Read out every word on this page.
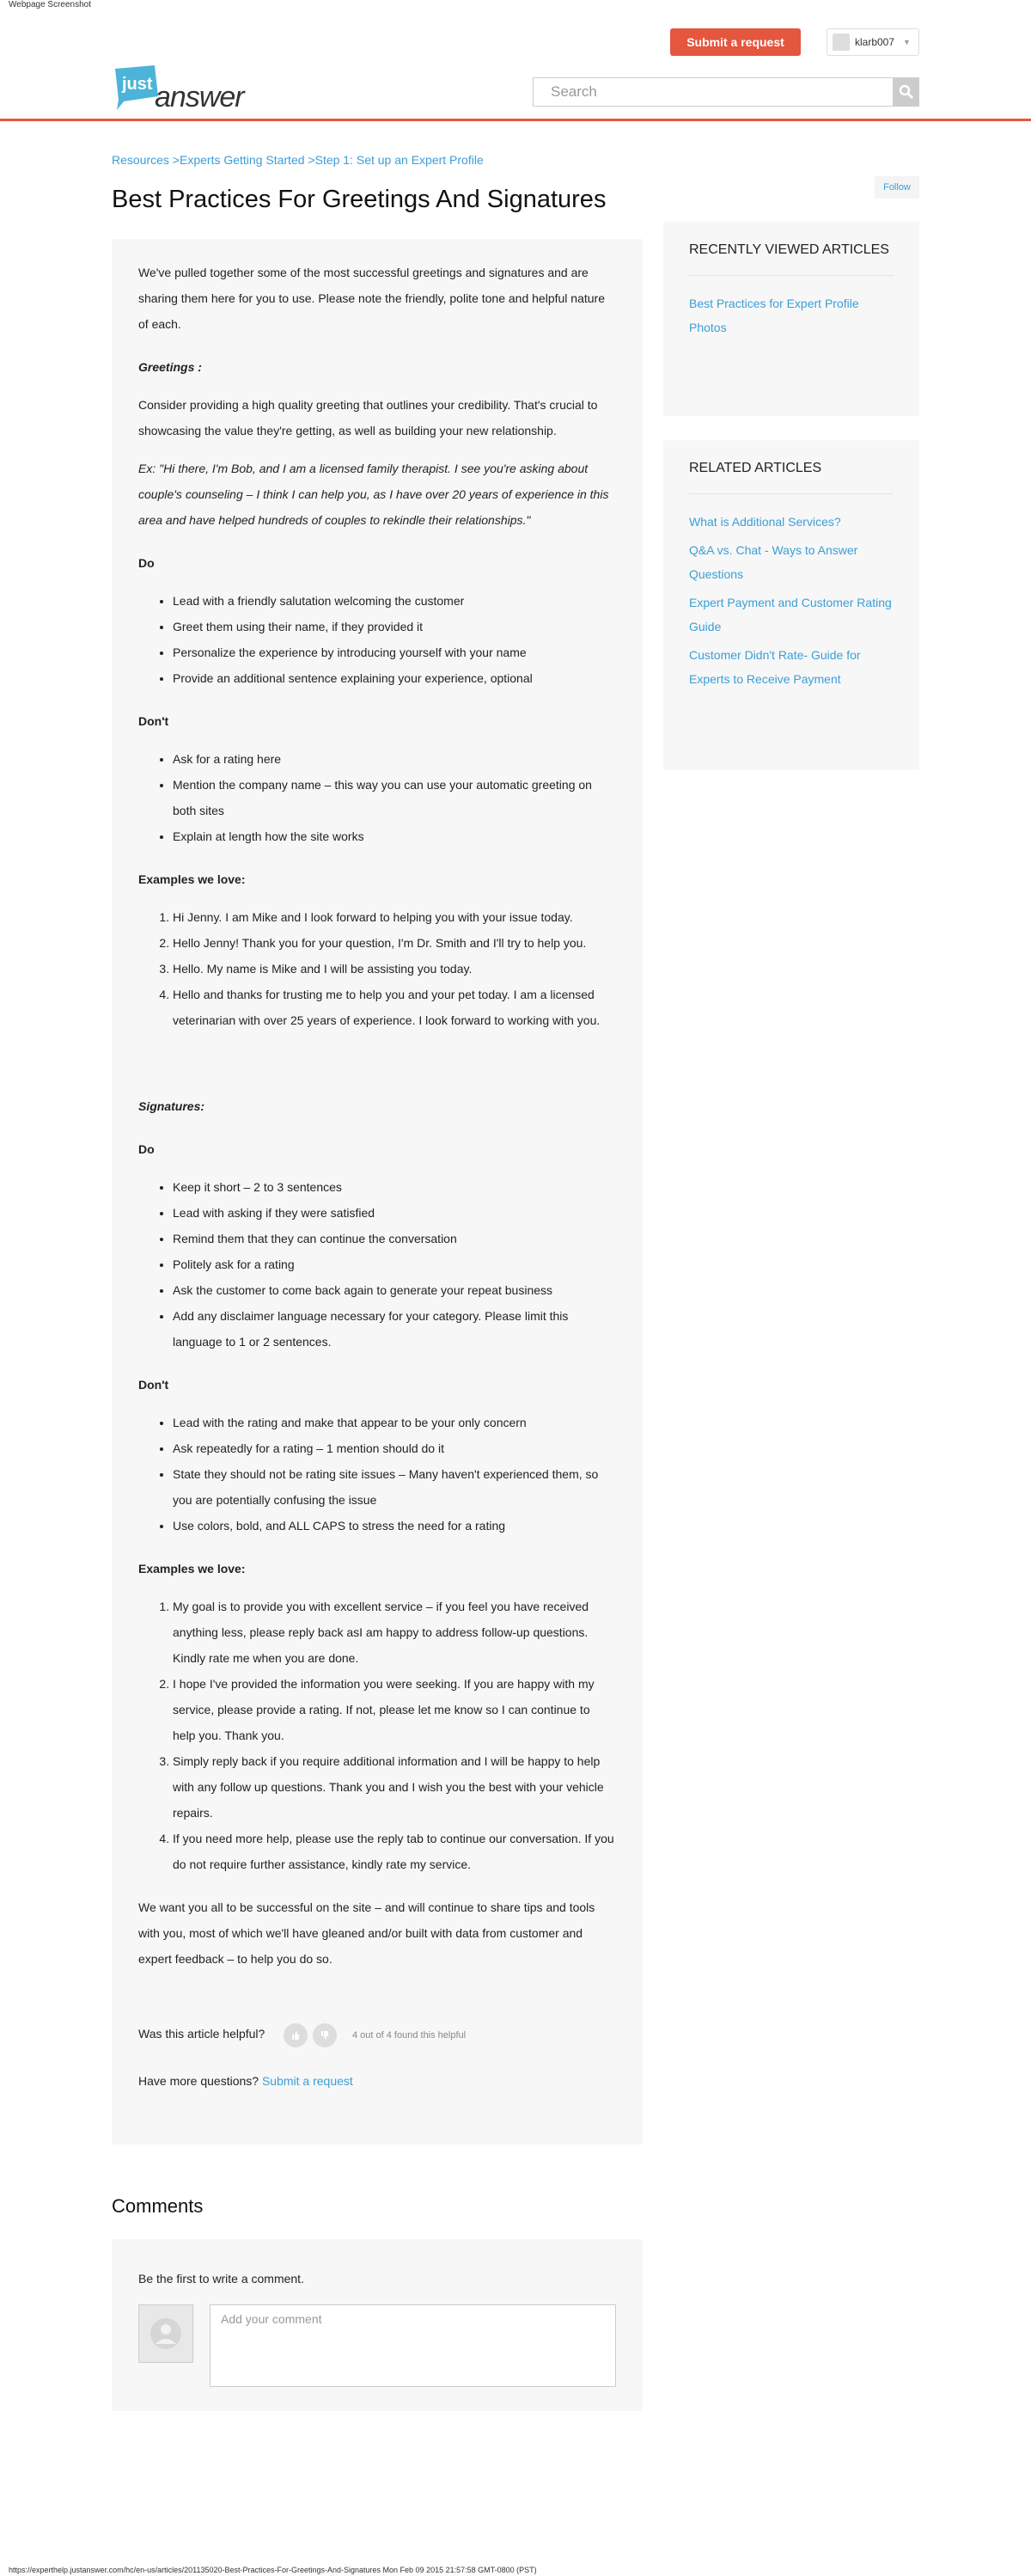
Webpage Screenshot
Submit a request	klarb007 ▼
just answer
Search
Resources >Experts Getting Started >Step 1: Set up an Expert Profile
Best Practices For Greetings And Signatures	Follow

We've pulled together some of the most successful greetings and signatures and are sharing them here for you to use. Please note the friendly, polite tone and helpful nature of each.

Greetings :

Consider providing a high quality greeting that outlines your credibility. That's crucial to showcasing the value they're getting, as well as building your new relationship.

Ex: "Hi there, I'm Bob, and I am a licensed family therapist. I see you're asking about couple's counseling – I think I can help you, as I have over 20 years of experience in this area and have helped hundreds of couples to rekindle their relationships."

Do

• Lead with a friendly salutation welcoming the customer
• Greet them using their name, if they provided it
• Personalize the experience by introducing yourself with your name
• Provide an additional sentence explaining your experience, optional

Don't

• Ask for a rating here
• Mention the company name – this way you can use your automatic greeting on both sites
• Explain at length how the site works

Examples we love:

1. Hi Jenny. I am Mike and I look forward to helping you with your issue today.
2. Hello Jenny! Thank you for your question, I'm Dr. Smith and I'll try to help you.
3. Hello. My name is Mike and I will be assisting you today.
4. Hello and thanks for trusting me to help you and your pet today. I am a licensed veterinarian with over 25 years of experience. I look forward to working with you.

Signatures:

Do

• Keep it short – 2 to 3 sentences
• Lead with asking if they were satisfied
• Remind them that they can continue the conversation
• Politely ask for a rating
• Ask the customer to come back again to generate your repeat business
• Add any disclaimer language necessary for your category. Please limit this language to 1 or 2 sentences.

Don't

• Lead with the rating and make that appear to be your only concern
• Ask repeatedly for a rating – 1 mention should do it
• State they should not be rating site issues – Many haven't experienced them, so you are potentially confusing the issue
• Use colors, bold, and ALL CAPS to stress the need for a rating

Examples we love:

1. My goal is to provide you with excellent service – if you feel you have received anything less, please reply back asI am happy to address follow-up questions. Kindly rate me when you are done.
2. I hope I've provided the information you were seeking. If you are happy with my service, please provide a rating. If not, please let me know so I can continue to help you. Thank you.
3. Simply reply back if you require additional information and I will be happy to help with any follow up questions. Thank you and I wish you the best with your vehicle repairs.
4. If you need more help, please use the reply tab to continue our conversation. If you do not require further assistance, kindly rate my service.

We want you all to be successful on the site – and will continue to share tips and tools with you, most of which we'll have gleaned and/or built with data from customer and expert feedback – to help you do so.

Was this article helpful?	4 out of 4 found this helpful
Have more questions? Submit a request
RECENTLY VIEWED ARTICLES
Best Practices for Expert Profile Photos
RELATED ARTICLES
What is Additional Services?
Q&A vs. Chat - Ways to Answer Questions
Expert Payment and Customer Rating Guide
Customer Didn't Rate- Guide for Experts to Receive Payment
Comments
Be the first to write a comment.
Add your comment
https://experthelp.justanswer.com/hc/en-us/articles/201135020-Best-Practices-For-Greetings-And-Signatures Mon Feb 09 2015 21:57:58 GMT-0800 (PST)
